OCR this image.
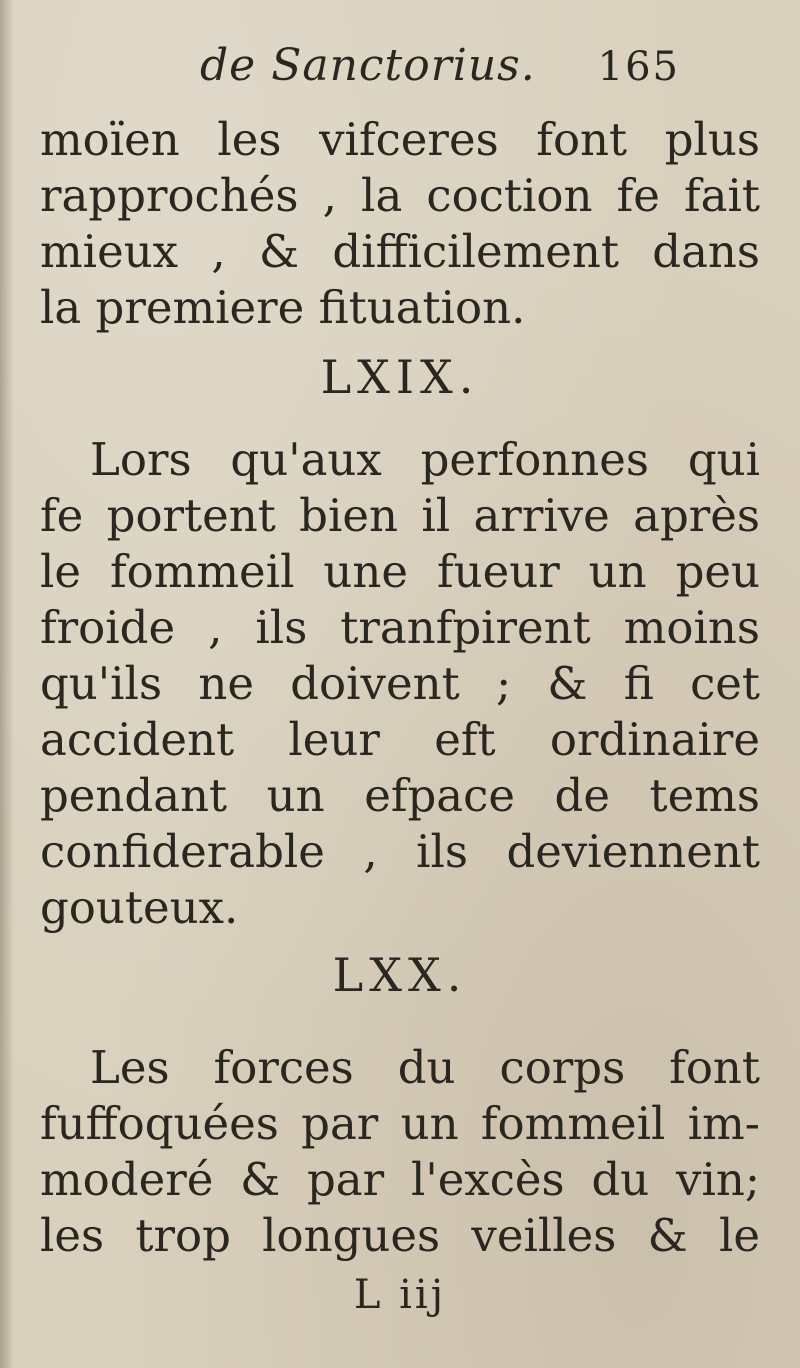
de Sanctorius. 165
moïen les vifceres font plus
rapprochés , la coction fe fait
mieux , & difficilement dans
la premiere fituation.
LXIX.
Lors qu'aux perfonnes qui
fe portent bien il arrive après
le fommeil une fueur un peu
froide , ils tranfpirent moins
qu'ils ne doivent ; & fi cet
accident leur eft ordinaire
pendant un efpace de tems
confiderable , ils deviennent
gouteux.
LXX.
Les forces du corps font
fuffoquées par un fommeil im-
moderé & par l'excès du vin;
les trop longues veilles & le
L iij
